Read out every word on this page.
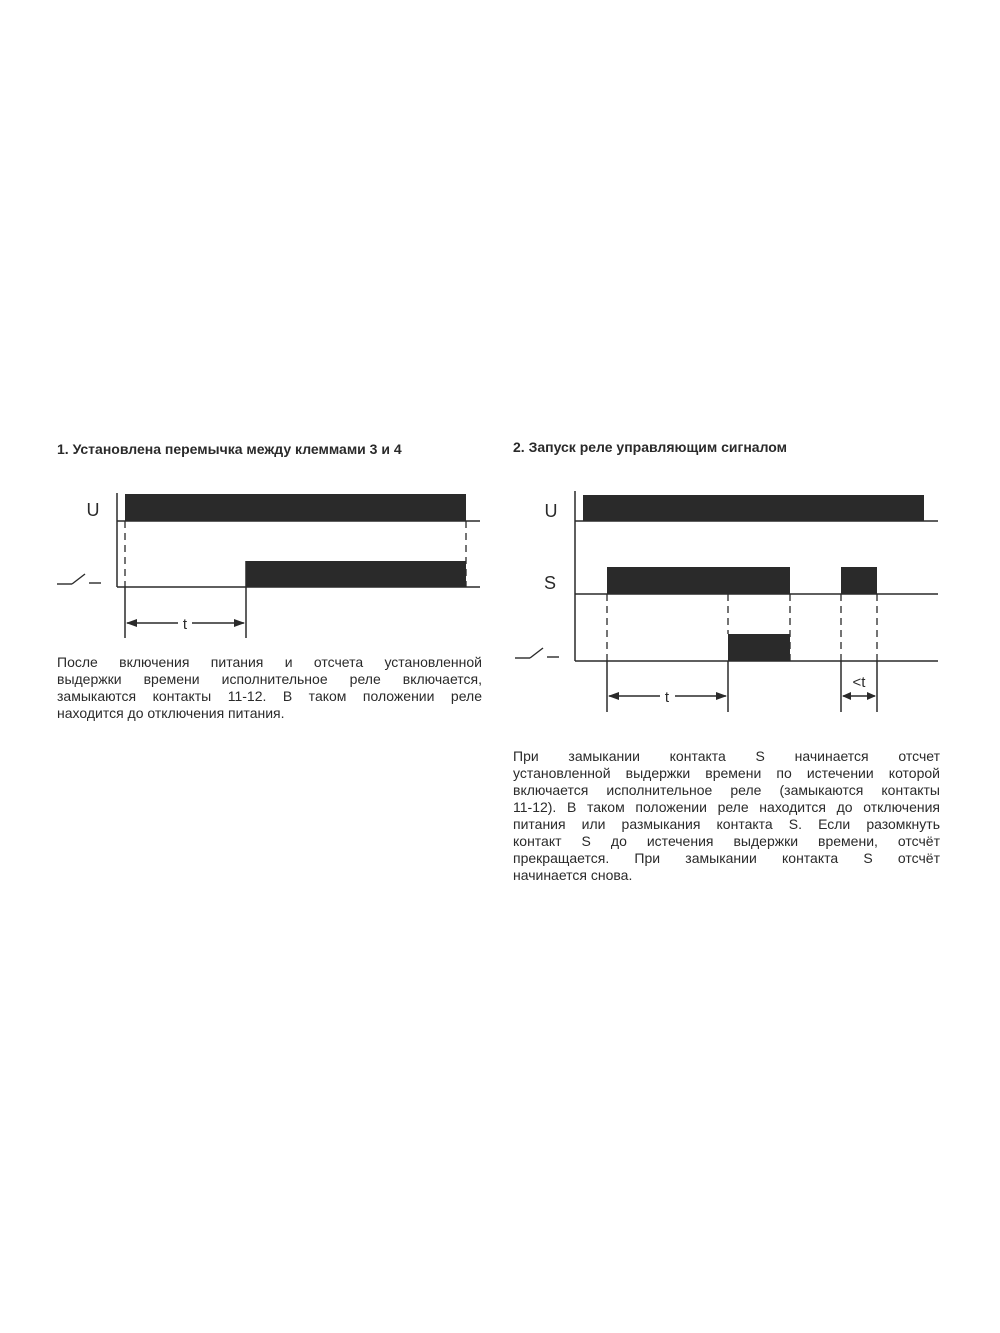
1. Установлена перемычка между клеммами 3 и 4	2. Запуск реле управляющим сигналом
U
t
U
S
t
<t
После включения питания и отсчета установленной
выдержки времени исполнительное реле включается,
замыкаются контакты 11-12. В таком положении реле
находится до отключения питания.
При замыкании контакта S начинается отсчет
установленной выдержки времени по истечении которой
включается исполнительное реле (замыкаются контакты
11-12). В таком положении реле находится до отключения
питания или размыкания контакта S. Если разомкнуть
контакт S до истечения выдержки времени, отсчёт
прекращается. При замыкании контакта S отсчёт
начинается снова.
